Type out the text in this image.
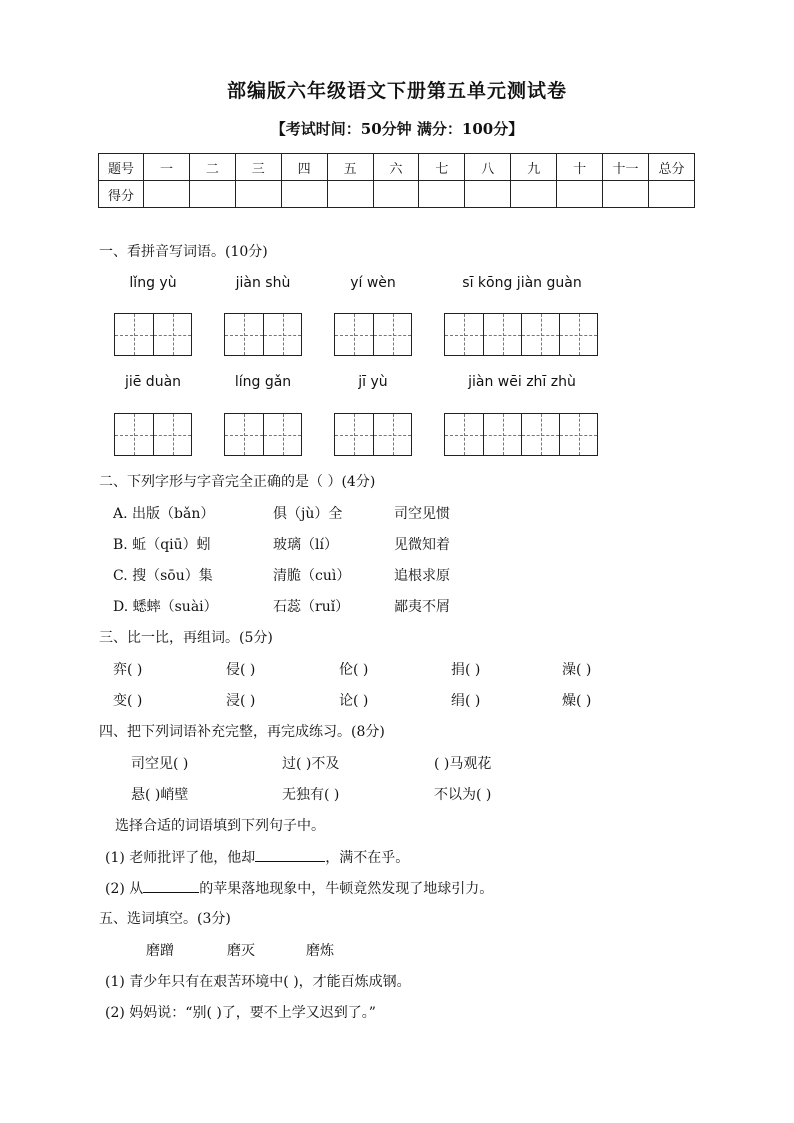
部编版六年级语文下册第五单元测试卷
【考试时间：50分钟 满分：100分】
题号	一	二	三	四	五	六	七	八	九	十	十一	总分
得分												
一、看拼音写词语。(10分)
lǐng yù	jiàn shù	yí wèn	sī kōng jiàn guàn
jiē duàn	líng gǎn	jī yù	jiàn wēi zhī zhù
二、下列字形与字音完全正确的是（ ）(4分)
A. 出版（bǎn）	俱（jù）全	司空见惯
B. 蚯（qiū）蚓	玻璃（lí）	见微知着
C. 搜（sōu）集	清脆（cuì）	追根求原
D. 蟋蟀（suài）	石蕊（ruǐ）	鄙夷不屑
三、比一比，再组词。(5分)
弈( )	侵( )	伦( )	捐( )	澡( )
变( )	浸( )	论( )	绢( )	燥( )
四、把下列词语补充完整，再完成练习。(8分)
司空见( )	过( )不及	( )马观花
悬( )峭壁	无独有( )	不以为( )
选择合适的词语填到下列句子中。
(1) 老师批评了他，他却	，满不在乎。
(2) 从	的苹果落地现象中，牛顿竟然发现了地球引力。
五、选词填空。(3分)
磨蹭	磨灭	磨炼
(1) 青少年只有在艰苦环境中( )，才能百炼成钢。
(2) 妈妈说：“别( )了，要不上学又迟到了。”
